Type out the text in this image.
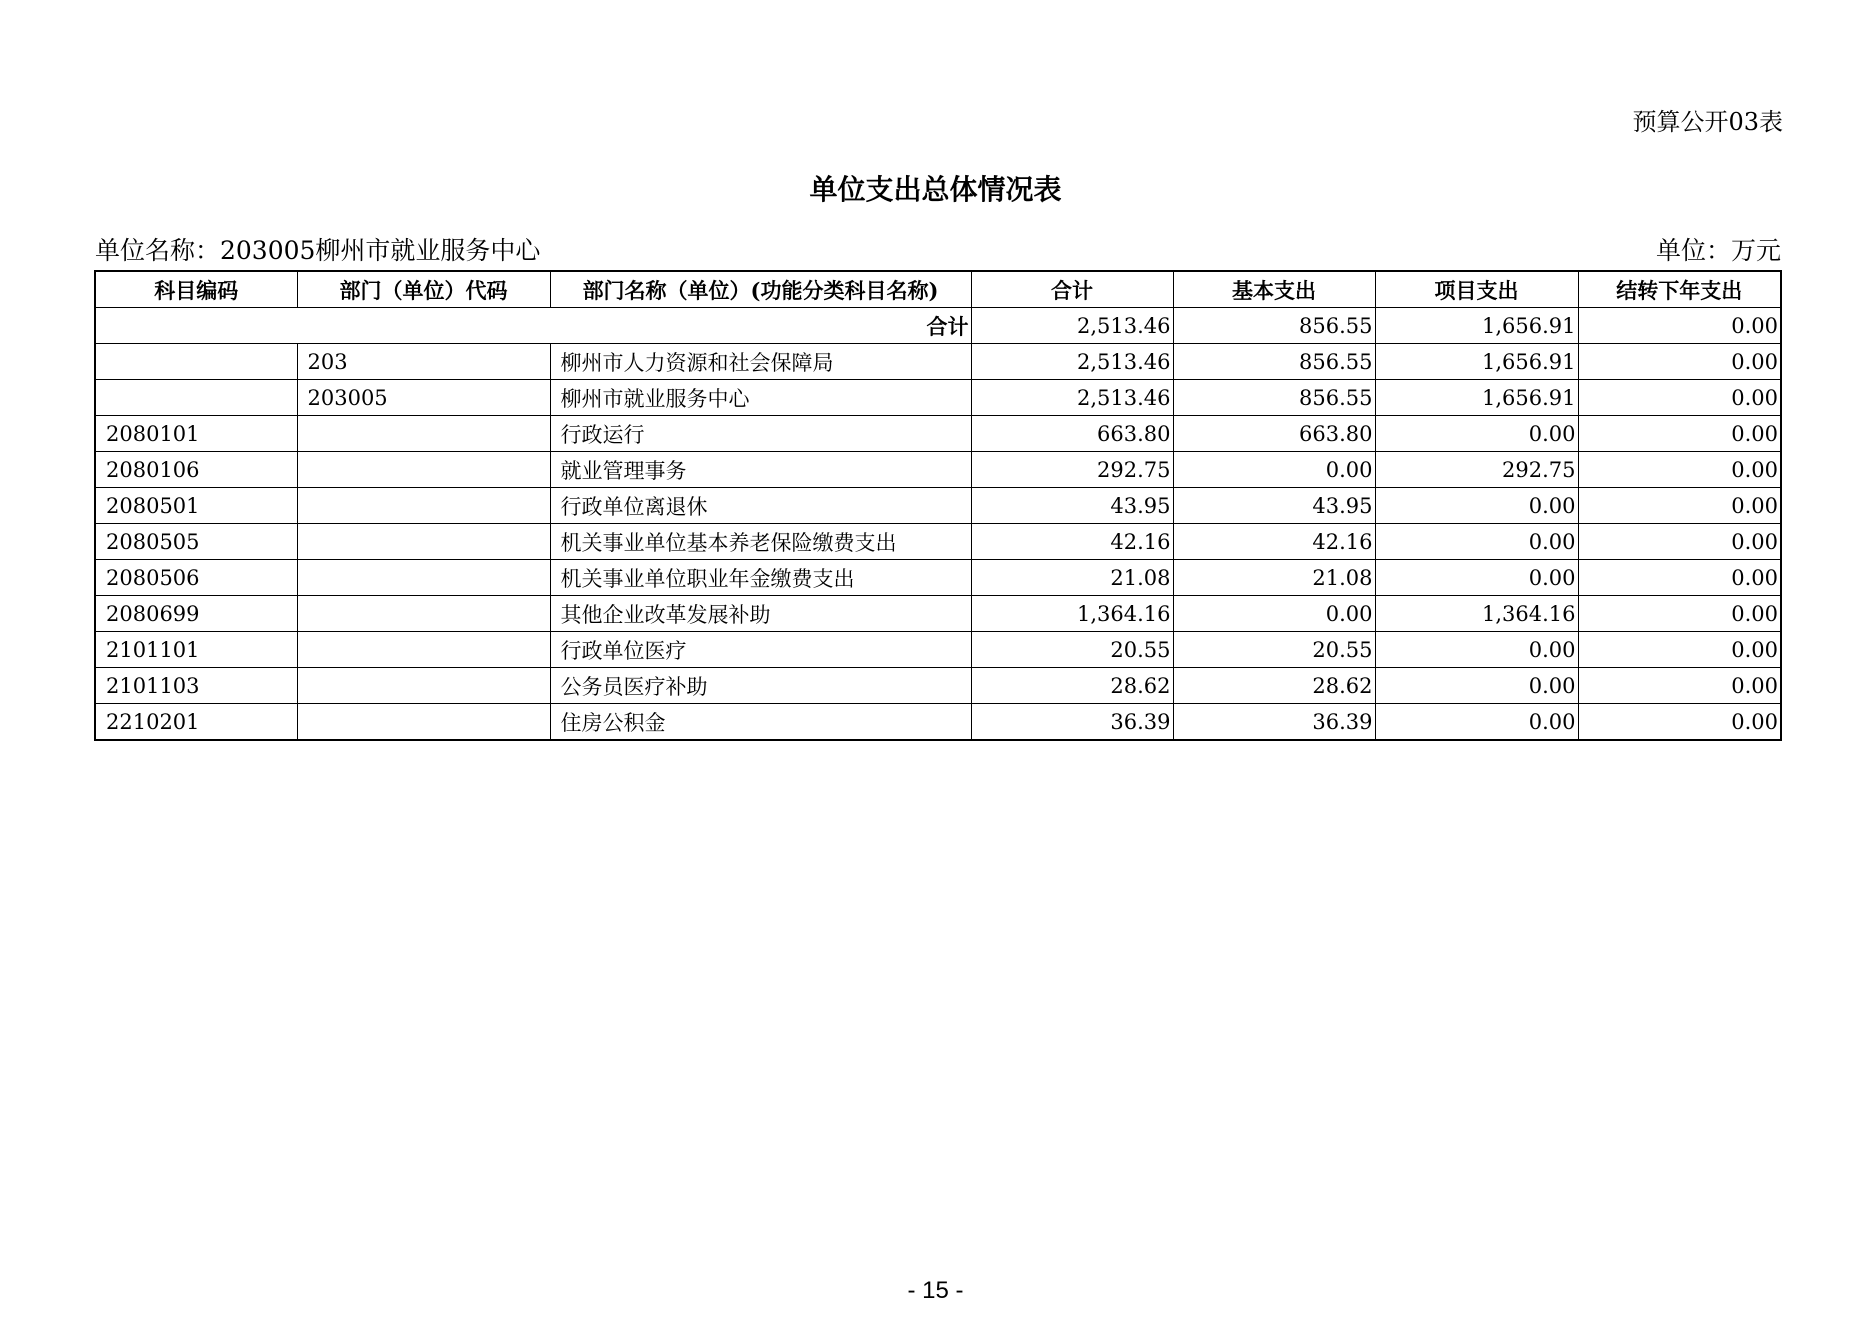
预算公开03表
单位支出总体情况表
单位名称：203005柳州市就业服务中心	单位：万元
科目编码	部门（单位）代码	部门名称（单位）(功能分类科目名称)	合计	基本支出	项目支出	结转下年支出
合计			2,513.46	856.55	1,656.91	0.00
	203	柳州市人力资源和社会保障局	2,513.46	856.55	1,656.91	0.00
	203005	柳州市就业服务中心	2,513.46	856.55	1,656.91	0.00
2080101		行政运行	663.80	663.80	0.00	0.00
2080106		就业管理事务	292.75	0.00	292.75	0.00
2080501		行政单位离退休	43.95	43.95	0.00	0.00
2080505		机关事业单位基本养老保险缴费支出	42.16	42.16	0.00	0.00
2080506		机关事业单位职业年金缴费支出	21.08	21.08	0.00	0.00
2080699		其他企业改革发展补助	1,364.16	0.00	1,364.16	0.00
2101101		行政单位医疗	20.55	20.55	0.00	0.00
2101103		公务员医疗补助	28.62	28.62	0.00	0.00
2210201		住房公积金	36.39	36.39	0.00	0.00
- 15 -
